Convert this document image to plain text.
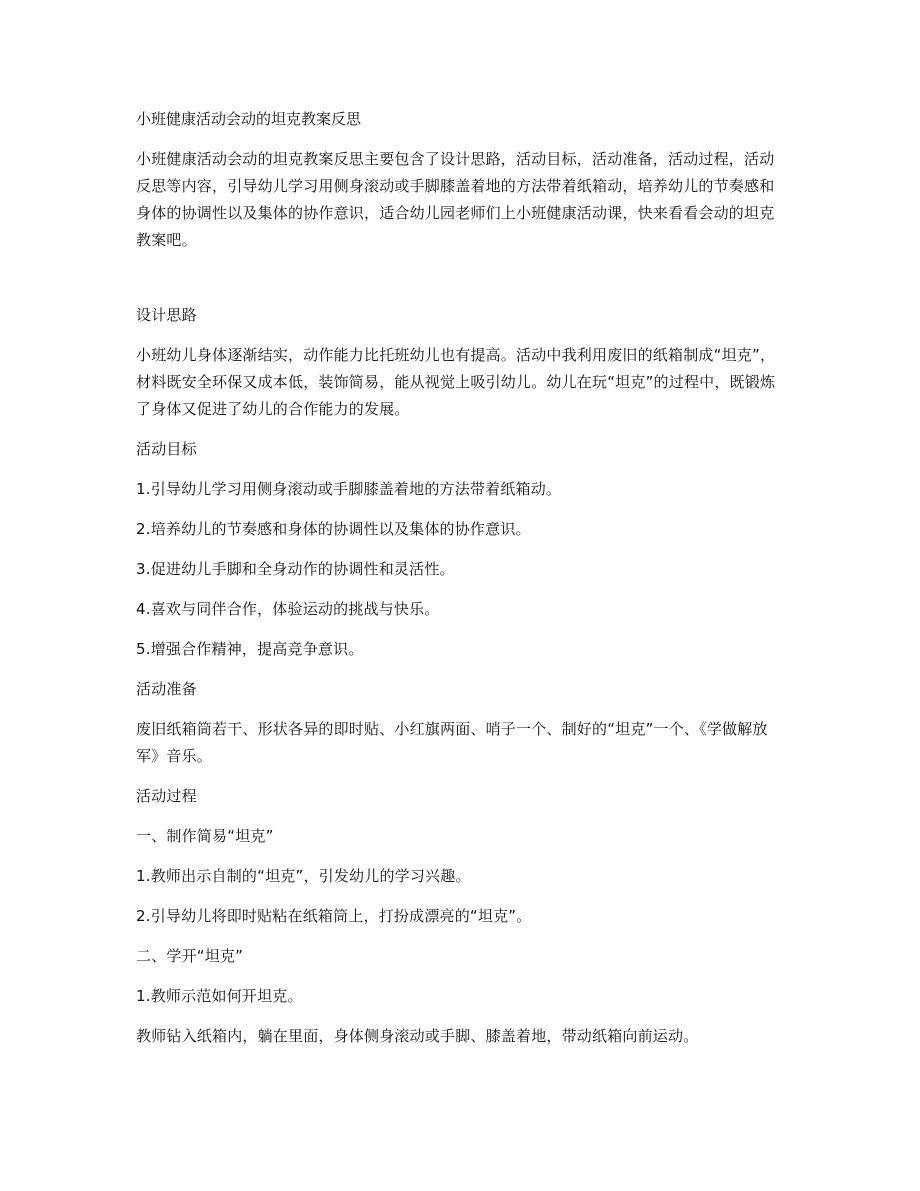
小班健康活动会动的坦克教案反思

小班健康活动会动的坦克教案反思主要包含了设计思路，活动目标，活动准备，活动过程，活动反思等内容，引导幼儿学习用侧身滚动或手脚膝盖着地的方法带着纸箱动，培养幼儿的节奏感和身体的协调性以及集体的协作意识，适合幼儿园老师们上小班健康活动课，快来看看会动的坦克教案吧。

设计思路

小班幼儿身体逐渐结实，动作能力比托班幼儿也有提高。活动中我利用废旧的纸箱制成“坦克”，材料既安全环保又成本低，装饰简易，能从视觉上吸引幼儿。幼儿在玩“坦克”的过程中，既锻炼了身体又促进了幼儿的合作能力的发展。

活动目标

1.引导幼儿学习用侧身滚动或手脚膝盖着地的方法带着纸箱动。

2.培养幼儿的节奏感和身体的协调性以及集体的协作意识。

3.促进幼儿手脚和全身动作的协调性和灵活性。

4.喜欢与同伴合作，体验运动的挑战与快乐。

5.增强合作精神，提高竞争意识。

活动准备

废旧纸箱筒若干、形状各异的即时贴、小红旗两面、哨子一个、制好的“坦克”一个、《学做解放军》音乐。

活动过程

一、制作简易“坦克”

1.教师出示自制的“坦克”，引发幼儿的学习兴趣。

2.引导幼儿将即时贴粘在纸箱筒上，打扮成漂亮的“坦克”。

二、学开“坦克”

1.教师示范如何开坦克。

教师钻入纸箱内，躺在里面，身体侧身滚动或手脚、膝盖着地，带动纸箱向前运动。
